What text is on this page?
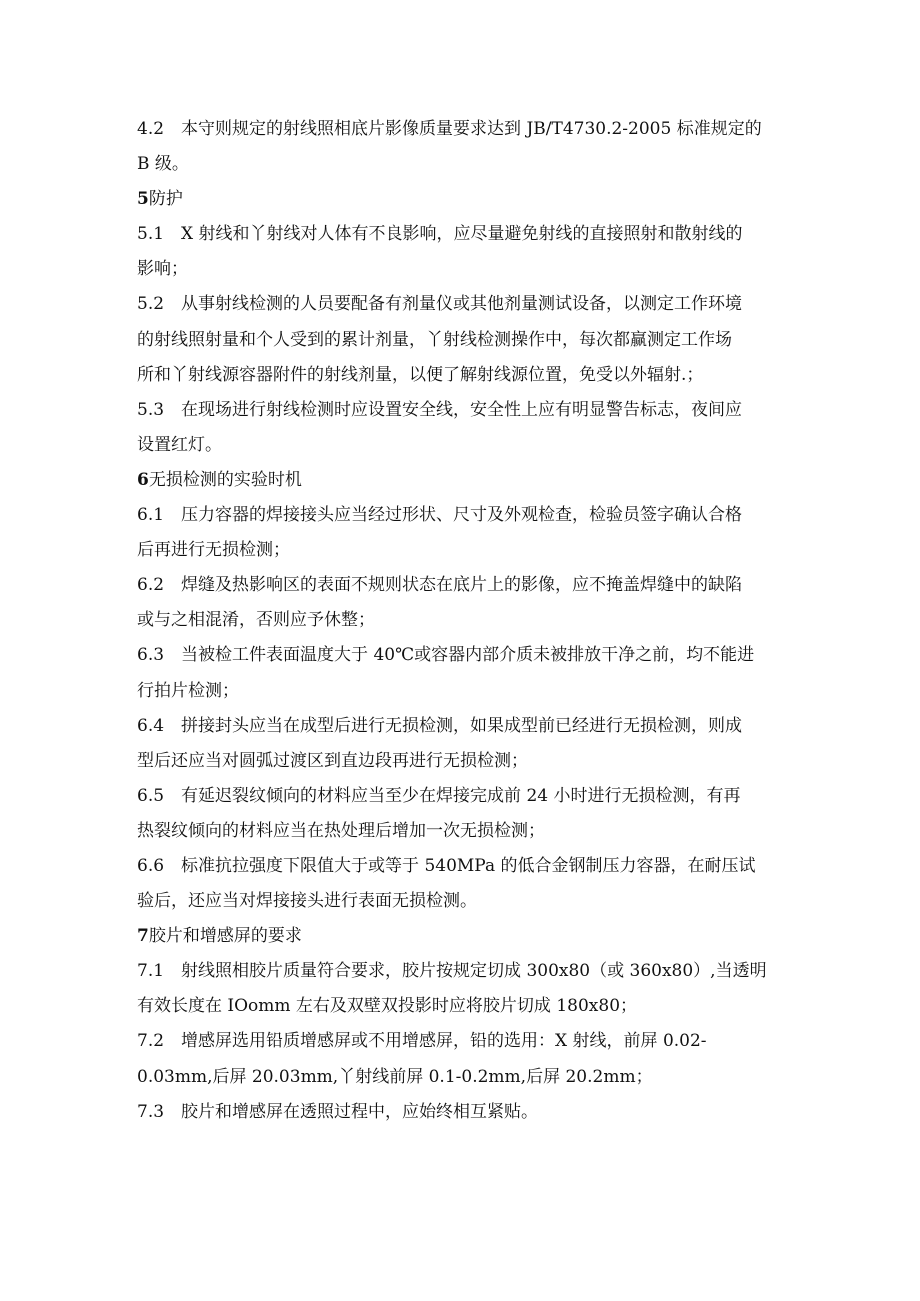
4.2　本守则规定的射线照相底片影像质量要求达到 JB/T4730.2-2005 标准规定的
B 级。
5防护
5.1　X 射线和丫射线对人体有不良影响，应尽量避免射线的直接照射和散射线的
影响；
5.2　从事射线检测的人员要配备有剂量仪或其他剂量测试设备，以测定工作环境
的射线照射量和个人受到的累计剂量，丫射线检测操作中，每次都赢测定工作场
所和丫射线源容器附件的射线剂量，以便了解射线源位置，免受以外辐射.；
5.3　在现场进行射线检测时应设置安全线，安全性上应有明显警告标志，夜间应
设置红灯。
6无损检测的实验时机
6.1　压力容器的焊接接头应当经过形状、尺寸及外观检查，检验员签字确认合格
后再进行无损检测；
6.2　焊缝及热影响区的表面不规则状态在底片上的影像，应不掩盖焊缝中的缺陷
或与之相混淆，否则应予休整；
6.3　当被检工件表面温度大于 40℃或容器内部介质未被排放干净之前，均不能进
行拍片检测；
6.4　拼接封头应当在成型后进行无损检测，如果成型前已经进行无损检测，则成
型后还应当对圆弧过渡区到直边段再进行无损检测；
6.5　有延迟裂纹倾向的材料应当至少在焊接完成前 24 小时进行无损检测，有再
热裂纹倾向的材料应当在热处理后增加一次无损检测；
6.6　标准抗拉强度下限值大于或等于 540MPa 的低合金钢制压力容器，在耐压试
验后，还应当对焊接接头进行表面无损检测。
7胶片和增感屏的要求
7.1　射线照相胶片质量符合要求，胶片按规定切成 300x80（或 360x80）,当透明
有效长度在 IOomm 左右及双壁双投影时应将胶片切成 180x80；
7.2　增感屏选用铅质增感屏或不用增感屏，铅的选用：X 射线，前屏 0.02-
0.03mm,后屏 20.03mm,丫射线前屏 0.1-0.2mm,后屏 20.2mm；
7.3　胶片和增感屏在透照过程中，应始终相互紧贴。
